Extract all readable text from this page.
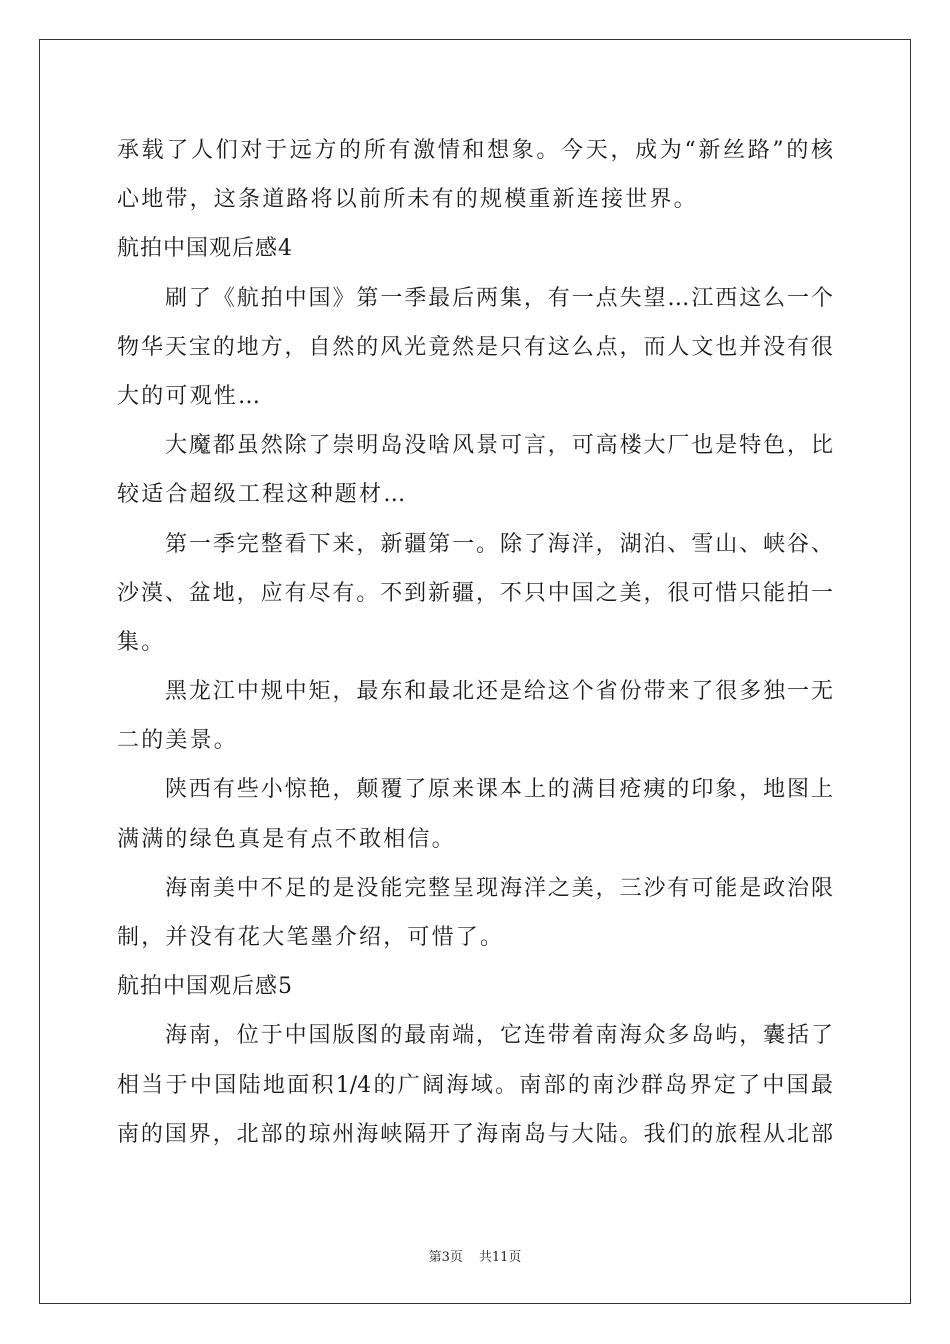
承载了人们对于远方的所有激情和想象。今天，成为“新丝路”的核
心地带，这条道路将以前所未有的规模重新连接世界。
航拍中国观后感4
刷了《航拍中国》第一季最后两集，有一点失望…江西这么一个
物华天宝的地方，自然的风光竟然是只有这么点，而人文也并没有很
大的可观性…
大魔都虽然除了崇明岛没啥风景可言，可高楼大厂也是特色，比
较适合超级工程这种题材…
第一季完整看下来，新疆第一。除了海洋，湖泊、雪山、峡谷、
沙漠、盆地，应有尽有。不到新疆，不只中国之美，很可惜只能拍一
集。
黑龙江中规中矩，最东和最北还是给这个省份带来了很多独一无
二的美景。
陕西有些小惊艳，颠覆了原来课本上的满目疮痍的印象，地图上
满满的绿色真是有点不敢相信。
海南美中不足的是没能完整呈现海洋之美，三沙有可能是政治限
制，并没有花大笔墨介绍，可惜了。
航拍中国观后感5
海南，位于中国版图的最南端，它连带着南海众多岛屿，囊括了
相当于中国陆地面积1/4的广阔海域。南部的南沙群岛界定了中国最
南的国界，北部的琼州海峡隔开了海南岛与大陆。我们的旅程从北部
第3页 共11页
